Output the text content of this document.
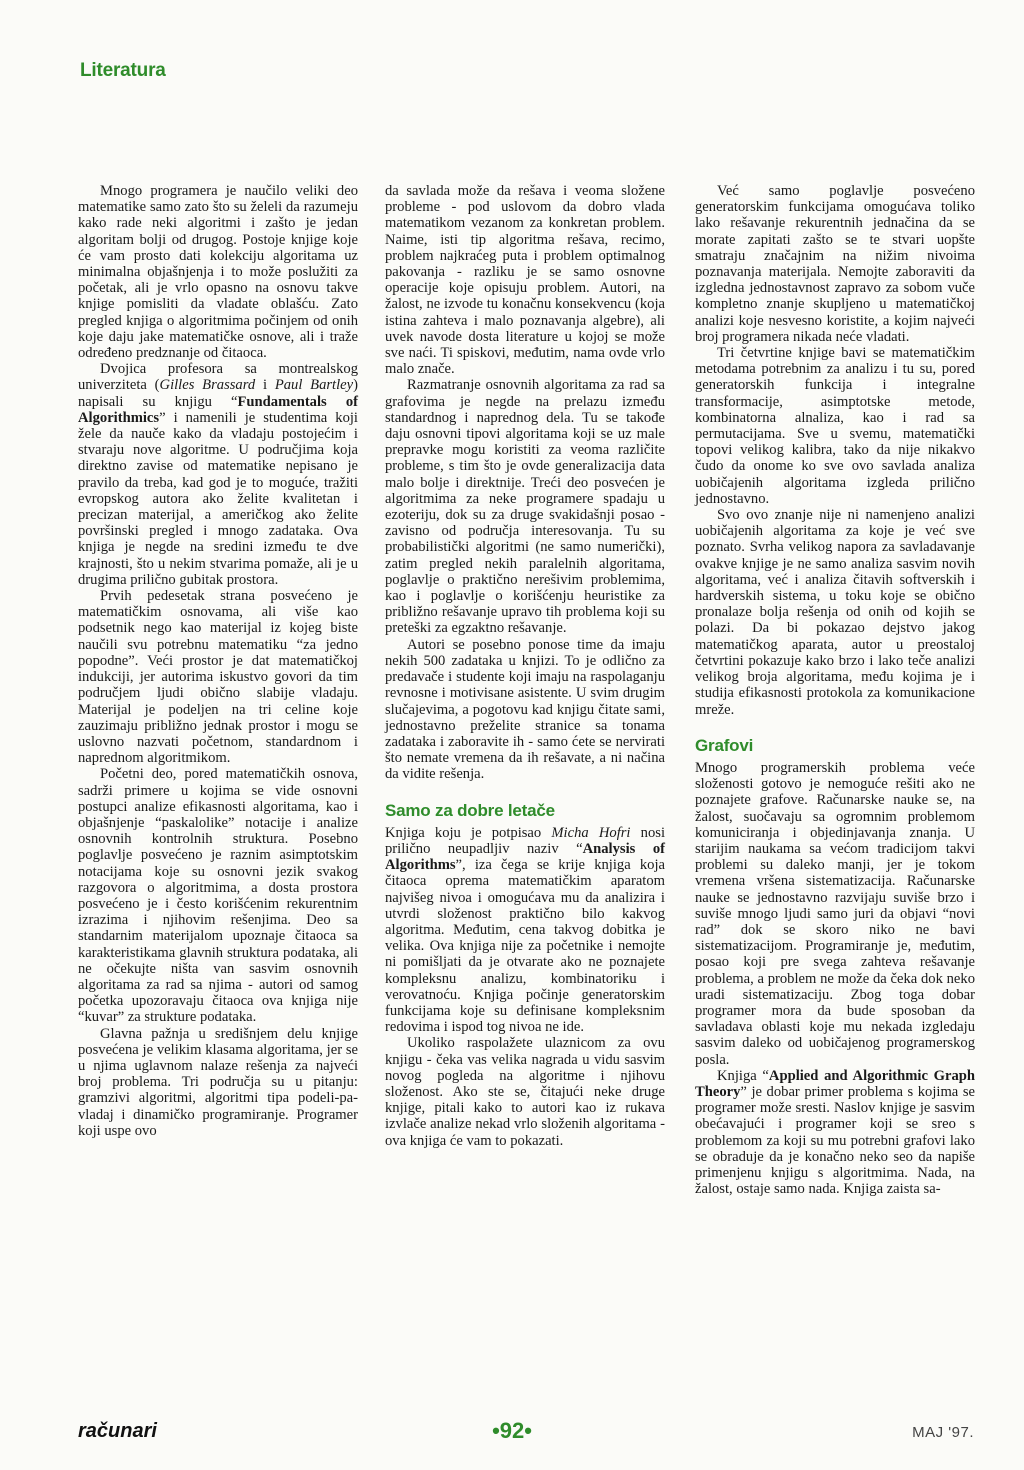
Literatura

Mnogo programera je naučilo veliki deo matematike samo zato što su želeli da razumeju kako rade neki algoritmi i zašto je jedan algoritam bolji od drugog. Postoje knjige koje će vam prosto dati kolekciju algoritama uz minimalna objašnjenja i to može poslužiti za početak, ali je vrlo opasno na osnovu takve knjige pomisliti da vladate oblašću. Zato pregled knjiga o algoritmima počinjem od onih koje daju jake matematičke osnove, ali i traže određeno predznanje od čitaoca.

Dvojica profesora sa montrealskog univerziteta (Gilles Brassard i Paul Bartley) napisali su knjigu “Fundamentals of Algorithmics” i namenili je studentima koji žele da nauče kako da vladaju postojećim i stvaraju nove algoritme. U područjima koja direktno zavise od matematike nepisano je pravilo da treba, kad god je to moguće, tražiti evropskog autora ako želite kvalitetan i precizan materijal, a američkog ako želite površinski pregled i mnogo zadataka. Ova knjiga je negde na sredini između te dve krajnosti, što u nekim stvarima pomaže, ali je u drugima prilično gubitak prostora.

Prvih pedesetak strana posvećeno je matematičkim osnovama, ali više kao podsetnik nego kao materijal iz kojeg biste naučili svu potrebnu matematiku “za jedno popodne”. Veći prostor je dat matematičkoj indukciji, jer autorima iskustvo govori da tim područjem ljudi obično slabije vladaju. Materijal je podeljen na tri celine koje zauzimaju približno jednak prostor i mogu se uslovno nazvati početnom, standardnom i naprednom algoritmikom.

Početni deo, pored matematičkih osnova, sadrži primere u kojima se vide osnovni postupci analize efikasnosti algoritama, kao i objašnjenje “paskalolike” notacije i analize osnovnih kontrolnih struktura. Posebno poglavlje posvećeno je raznim asimptotskim notacijama koje su osnovni jezik svakog razgovora o algoritmima, a dosta prostora posvećeno je i često korišćenim rekurentnim izrazima i njihovim rešenjima. Deo sa standarnim materijalom upoznaje čitaoca sa karakteristikama glavnih struktura podataka, ali ne očekujte ništa van sasvim osnovnih algoritama za rad sa njima - autori od samog početka upozoravaju čitaoca ova knjiga nije “kuvar” za strukture podataka.

Glavna pažnja u središnjem delu knjige posvećena je velikim klasama algoritama, jer se u njima uglavnom nalaze rešenja za najveći broj problema. Tri područja su u pitanju: gramzivi algoritmi, algoritmi tipa podeli-pa-vladaj i dinamičko programiranje. Programer koji uspe ovo

da savlada može da rešava i veoma složene probleme - pod uslovom da dobro vlada matematikom vezanom za konkretan problem. Naime, isti tip algoritma rešava, recimo, problem najkraćeg puta i problem optimalnog pakovanja - razliku je se samo osnovne operacije koje opisuju problem. Autori, na žalost, ne izvode tu konačnu konsekvencu (koja istina zahteva i malo poznavanja algebre), ali uvek navode dosta literature u kojoj se može sve naći. Ti spiskovi, međutim, nama ovde vrlo malo znače.

Razmatranje osnovnih algoritama za rad sa grafovima je negde na prelazu između standardnog i naprednog dela. Tu se takođe daju osnovni tipovi algoritama koji se uz male prepravke mogu koristiti za veoma različite probleme, s tim što je ovde generalizacija data malo bolje i direktnije. Treći deo posvećen je algoritmima za neke programere spadaju u ezoteriju, dok su za druge svakidašnji posao - zavisno od područja interesovanja. Tu su probabilistički algoritmi (ne samo numerički), zatim pregled nekih paralelnih algoritama, poglavlje o praktično nerešivim problemima, kao i poglavlje o korišćenju heuristike za približno rešavanje upravo tih problema koji su preteški za egzaktno rešavanje.

Autori se posebno ponose time da imaju nekih 500 zadataka u knjizi. To je odlično za predavače i studente koji imaju na raspolaganju revnosne i motivisane asistente. U svim drugim slučajevima, a pogotovu kad knjigu čitate sami, jednostavno preželite stranice sa tonama zadataka i zaboravite ih - samo ćete se nervirati što nemate vremena da ih rešavate, a ni načina da vidite rešenja.

Samo za dobre letače

Knjiga koju je potpisao Micha Hofri nosi prilično neupadljiv naziv “Analysis of Algorithms”, iza čega se krije knjiga koja čitaoca oprema matematičkim aparatom najvišeg nivoa i omogućava mu da analizira i utvrdi složenost praktično bilo kakvog algoritma. Međutim, cena takvog dobitka je velika. Ova knjiga nije za početnike i nemojte ni pomišljati da je otvarate ako ne poznajete kompleksnu analizu, kombinatoriku i verovatnoću. Knjiga počinje generatorskim funkcijama koje su definisane kompleksnim redovima i ispod tog nivoa ne ide.

Ukoliko raspolažete ulaznicom za ovu knjigu - čeka vas velika nagrada u vidu sasvim novog pogleda na algoritme i njihovu složenost. Ako ste se, čitajući neke druge knjige, pitali kako to autori kao iz rukava izvlače analize nekad vrlo složenih algoritama - ova knjiga će vam to pokazati.

Već samo poglavlje posvećeno generatorskim funkcijama omogućava toliko lako rešavanje rekurentnih jednačina da se morate zapitati zašto se te stvari uopšte smatraju značajnim na nižim nivoima poznavanja materijala. Nemojte zaboraviti da izgledna jednostavnost zapravo za sobom vuče kompletno znanje skupljeno u matematičkoj analizi koje nesvesno koristite, a kojim najveći broj programera nikada neće vladati.

Tri četvrtine knjige bavi se matematičkim metodama potrebnim za analizu i tu su, pored generatorskih funkcija i integralne transformacije, asimptotske metode, kombinatorna alnaliza, kao i rad sa permutacijama. Sve u svemu, matematički topovi velikog kalibra, tako da nije nikakvo čudo da onome ko sve ovo savlada analiza uobičajenih algoritama izgleda prilično jednostavno.

Svo ovo znanje nije ni namenjeno analizi uobičajenih algoritama za koje je već sve poznato. Svrha velikog napora za savladavanje ovakve knjige je ne samo analiza sasvim novih algoritama, već i analiza čitavih softverskih i hardverskih sistema, u toku koje se obično pronalaze bolja rešenja od onih od kojih se polazi. Da bi pokazao dejstvo jakog matematičkog aparata, autor u preostaloj četvrtini pokazuje kako brzo i lako teče analizi velikog broja algoritama, među kojima je i studija efikasnosti protokola za komunikacione mreže.

Grafovi

Mnogo programerskih problema veće složenosti gotovo je nemoguće rešiti ako ne poznajete grafove. Računarske nauke se, na žalost, suočavaju sa ogromnim problemom komuniciranja i objedinjavanja znanja. U starijim naukama sa većom tradicijom takvi problemi su daleko manji, jer je tokom vremena vršena sistematizacija. Računarske nauke se jednostavno razvijaju suviše brzo i suviše mnogo ljudi samo juri da objavi “novi rad” dok se skoro niko ne bavi sistematizacijom. Programiranje je, međutim, posao koji pre svega zahteva rešavanje problema, a problem ne može da čeka dok neko uradi sistematizaciju. Zbog toga dobar programer mora da bude sposoban da savladava oblasti koje mu nekada izgledaju sasvim daleko od uobičajenog programerskog posla.

Knjiga “Applied and Algorithmic Graph Theory” je dobar primer problema s kojima se programer može sresti. Naslov knjige je sasvim obećavajući i programer koji se sreo s problemom za koji su mu potrebni grafovi lako se obraduje da je konačno neko seo da napiše primenjenu knjigu s algoritmima. Nada, na žalost, ostaje samo nada. Knjiga zaista sa-

računari	•92•	MAJ '97.
